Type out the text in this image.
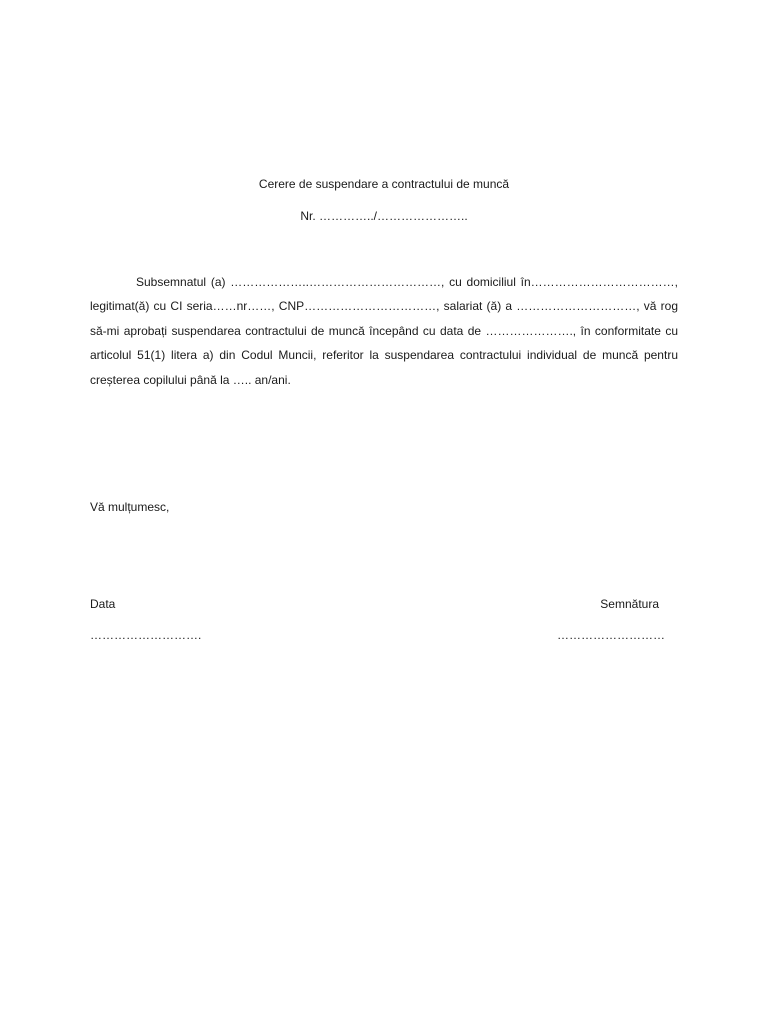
Cerere de suspendare a contractului de muncă
Nr. …………../…………………..

Subsemnatul (a) ………………..……………………………, cu domiciliul în………………………………, legitimat(ă) cu CI seria……nr……, CNP……………………………, salariat (ă) a …………………………, vă rog să-mi aprobați suspendarea contractului de muncă începând cu data de …………………., în conformitate cu articolul 51(1) litera a) din Codul Muncii, referitor la suspendarea contractului individual de muncă pentru creșterea copilului până la ….. an/ani.

Vă mulțumesc,
Data
……………………….
Semnătura
………………………
